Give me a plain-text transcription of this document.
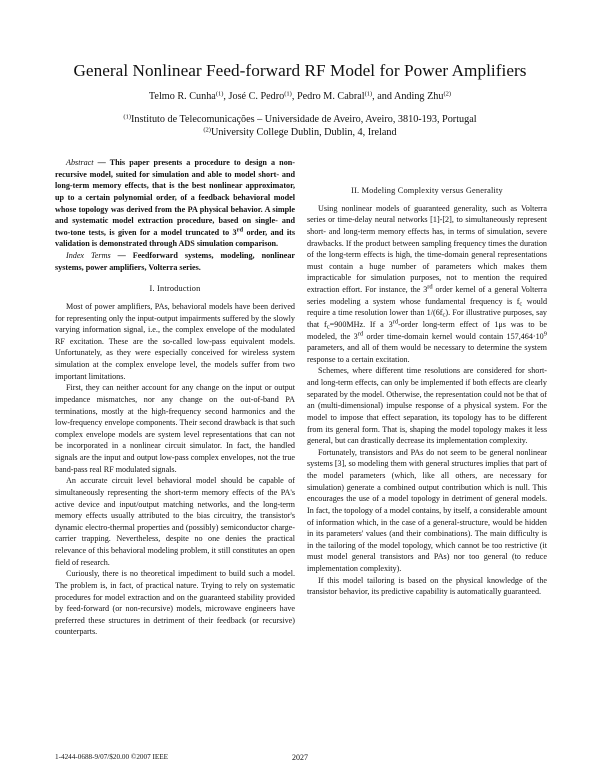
General Nonlinear Feed-forward RF Model for Power Amplifiers
Telmo R. Cunha$^{(1)}$, José C. Pedro$^{(1)}$, Pedro M. Cabral$^{(1)}$, and Anding Zhu$^{(2)}$
$^{(1)}$Instituto de Telecomunicações – Universidade de Aveiro, Aveiro, 3810-193, Portugal
$^{(2)}$University College Dublin, Dublin, 4, Ireland

Abstract — This paper presents a procedure to design a non-recursive model, suited for simulation and able to model short- and long-term memory effects, that is the best nonlinear approximator, up to a certain polynomial order, of a feedback behavioral model whose topology was derived from the PA physical behavior. A simple and systematic model extraction procedure, based on single- and two-tone tests, is given for a model truncated to 3rd order, and its validation is demonstrated through ADS simulation comparison.

Index Terms — Feedforward systems, modeling, nonlinear systems, power amplifiers, Volterra series.

I. Introduction

Most of power amplifiers, PAs, behavioral models have been derived for representing only the input-output impairments suffered by the slowly varying information signal, i.e., the complex envelope of the modulated RF excitation. These are the so-called low-pass equivalent models. Unfortunately, as they were especially conceived for wireless system simulation at the complex envelope level, the models suffer from two important limitations.

First, they can neither account for any change on the input or output impedance mismatches, nor any change on the out-of-band PA terminations, mostly at the high-frequency second harmonics and the low-frequency envelope components. Their second drawback is that such complex envelope models are system level representations that can not be incorporated in a nonlinear circuit simulator. In fact, the handled signals are the input and output low-pass complex envelopes, not the true band-pass real RF modulated signals.

An accurate circuit level behavioral model should be capable of simultaneously representing the short-term memory effects of the PA's active device and input/output matching networks, and the long-term memory effects usually attributed to the bias circuitry, the transistor's dynamic electro-thermal properties and (possibly) semiconductor charge-carrier trapping. Nevertheless, despite no one denies the practical relevance of this behavioral modeling problem, it still constitutes an open field of research.

Curiously, there is no theoretical impediment to build such a model. The problem is, in fact, of practical nature. Trying to rely on systematic procedures for model extraction and on the guaranteed stability provided by feed-forward (or non-recursive) models, microwave engineers have preferred these structures in detriment of their feedback (or recursive) counterparts.

II. Modeling Complexity versus Generality

Using nonlinear models of guaranteed generality, such as Volterra series or time-delay neural networks [1]-[2], to simultaneously represent short- and long-term memory effects has, in terms of simulation, severe drawbacks. If the product between sampling frequency times the duration of the long-term effects is high, the time-domain general representations must contain a huge number of parameters which makes them impracticable for simulation purposes, not to mention the required extraction effort. For instance, the 3rd order kernel of a general Volterra series modeling a system whose fundamental frequency is $f_c$ would require a time resolution lower than $1/(6f_c)$. For illustrative purposes, say that $f_c=900MHz$. If a 3rd-order long-term effect of 1μs was to be modeled, the 3rd order time-domain kernel would contain $157,464\cdot 10^9$ parameters, and all of them would be necessary to determine the system response to a certain excitation.

Schemes, where different time resolutions are considered for short- and long-term effects, can only be implemented if both effects are clearly separated by the model. Otherwise, the representation could not be that of an (multi-dimensional) impulse response of a physical system. For the model to impose that effect separation, its topology has to be different from its general form. That is, shaping the model topology makes it less general, but can drastically decrease its implementation complexity.

Fortunately, transistors and PAs do not seem to be general nonlinear systems [3], so modeling them with general structures implies that part of the model parameters (which, like all others, are necessary for simulation) generate a combined output contribution which is null. This encourages the use of a model topology in detriment of general models. In fact, the topology of a model contains, by itself, a considerable amount of information which, in the case of a general-structure, would be hidden in its parameters' values (and their combinations). The main difficulty is in the tailoring of the model topology, which cannot be too restrictive (it must model general transistors and PAs) nor too general (to reduce implementation complexity).

If this model tailoring is based on the physical knowledge of the transistor behavior, its predictive capability is automatically guaranteed.

1-4244-0688-9/07/$20.00 ©2007 IEEE	2027
